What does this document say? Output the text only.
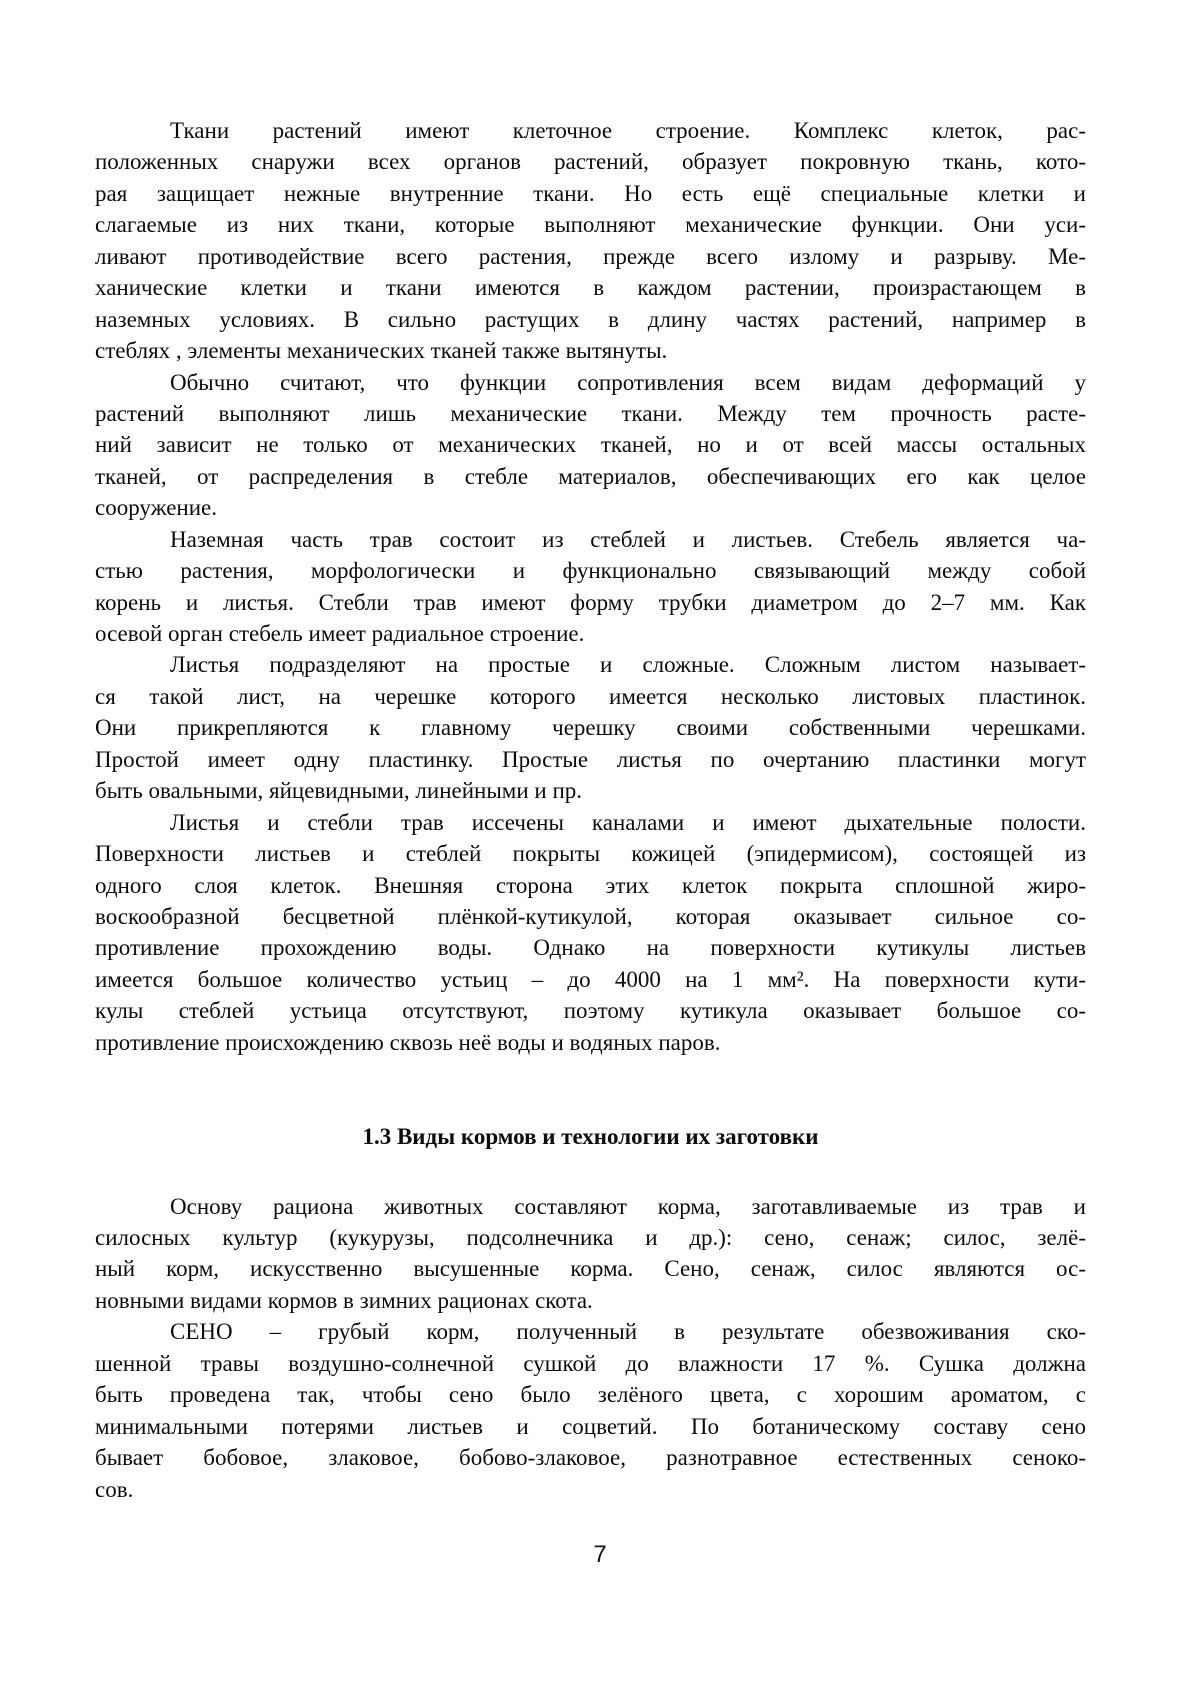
Ткани растений имеют клеточное строение. Комплекс клеток, рас-
положенных снаружи всех органов растений, образует покровную ткань, кото-
рая защищает нежные внутренние ткани. Но есть ещё специальные клетки и
слагаемые из них ткани, которые выполняют механические функции. Они уси-
ливают противодействие всего растения, прежде всего излому и разрыву. Ме-
ханические клетки и ткани имеются в каждом растении, произрастающем в
наземных условиях. В сильно растущих в длину частях растений, например в
стеблях , элементы механических тканей также вытянуты.
Обычно считают, что функции сопротивления всем видам деформаций у
растений выполняют лишь механические ткани. Между тем прочность расте-
ний зависит не только от механических тканей, но и от всей массы остальных
тканей, от распределения в стебле материалов, обеспечивающих его как целое
сооружение.
Наземная часть трав состоит из стеблей и листьев. Стебель является ча-
стью растения, морфологически и функционально связывающий между собой
корень и листья. Стебли трав имеют форму трубки диаметром до 2–7 мм. Как
осевой орган стебель имеет радиальное строение.
Листья подразделяют на простые и сложные. Сложным листом называет-
ся такой лист, на черешке которого имеется несколько листовых пластинок.
Они прикрепляются к главному черешку своими собственными черешками.
Простой имеет одну пластинку. Простые листья по очертанию пластинки могут
быть овальными, яйцевидными, линейными и пр.
Листья и стебли трав иссечены каналами и имеют дыхательные полости.
Поверхности листьев и стеблей покрыты кожицей (эпидермисом), состоящей из
одного слоя клеток. Внешняя сторона этих клеток покрыта сплошной жиро-
воскообразной бесцветной плёнкой-кутикулой, которая оказывает сильное со-
противление прохождению воды. Однако на поверхности кутикулы листьев
имеется большое количество устьиц – до 4000 на 1 мм². На поверхности кути-
кулы стеблей устьица отсутствуют, поэтому кутикула оказывает большое со-
противление происхождению сквозь неё воды и водяных паров.
1.3 Виды кормов и технологии их заготовки
Основу рациона животных составляют корма, заготавливаемые из трав и
силосных культур (кукурузы, подсолнечника и др.): сено, сенаж; силос, зелё-
ный корм, искусственно высушенные корма. Сено, сенаж, силос являются ос-
новными видами кормов в зимних рационах скота.
СЕНО – грубый корм, полученный в результате обезвоживания ско-
шенной травы воздушно-солнечной сушкой до влажности 17 %. Сушка должна
быть проведена так, чтобы сено было зелёного цвета, с хорошим ароматом, с
минимальными потерями листьев и соцветий. По ботаническому составу сено
бывает бобовое, злаковое, бобово-злаковое, разнотравное естественных сеноко-
сов.
7
